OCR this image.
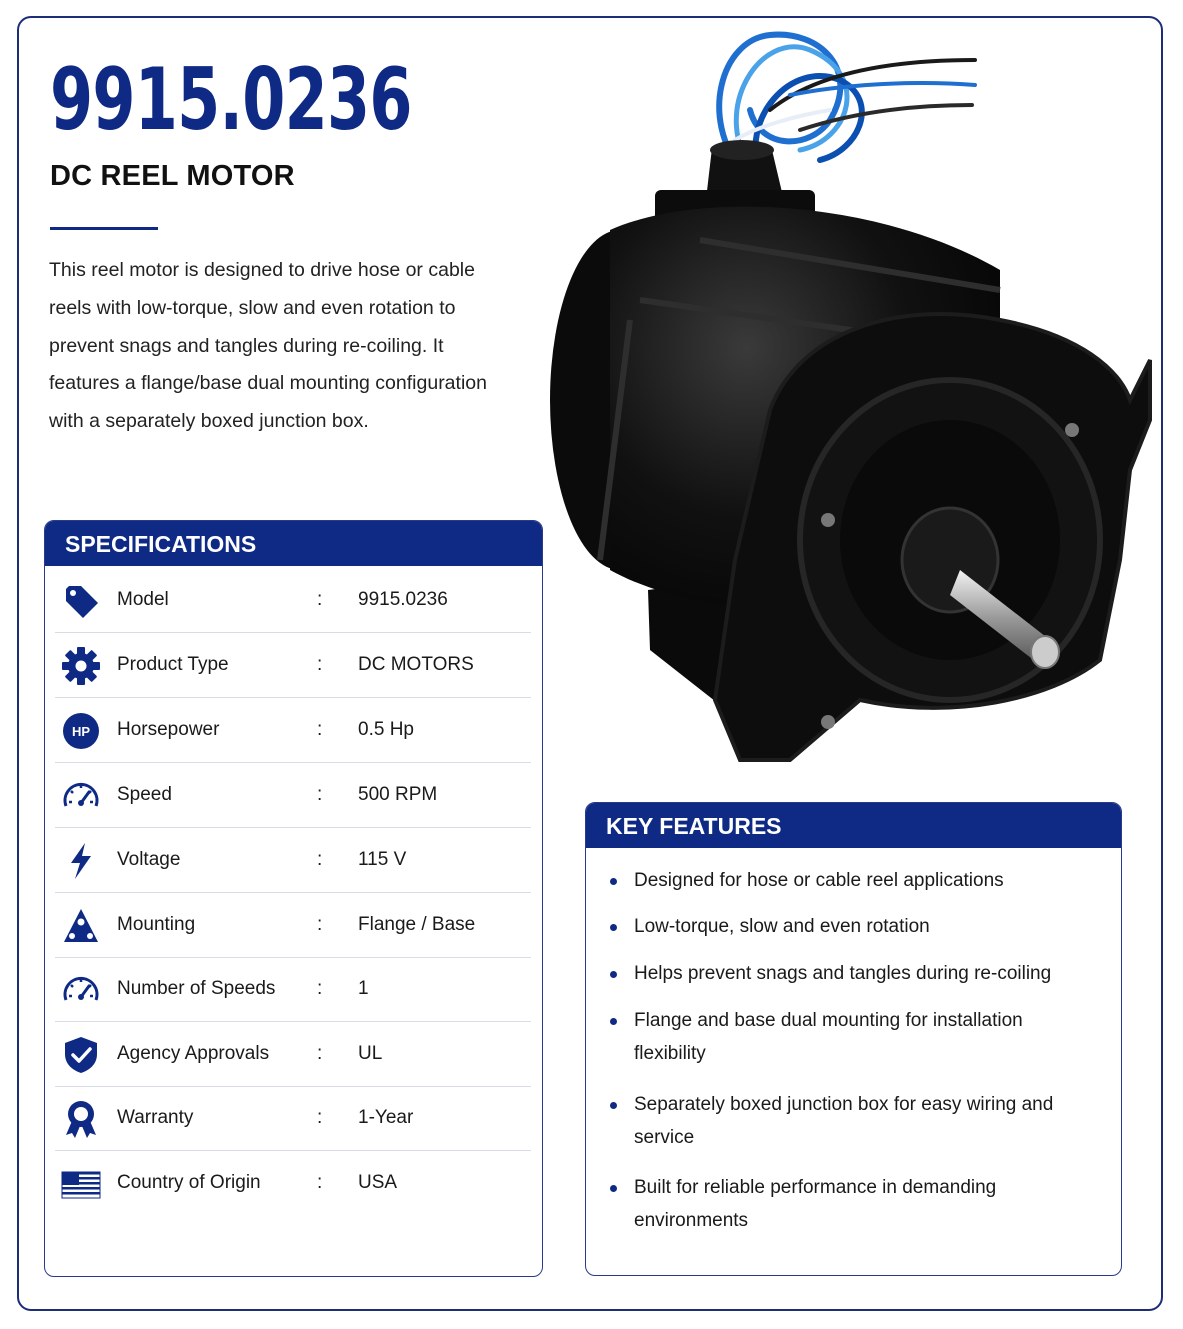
9915.0236
DC REEL MOTOR

This reel motor is designed to drive hose or cable reels with low-torque, slow and even rotation to prevent snags and tangles during re-coiling. It features a flange/base dual mounting configuration with a separately boxed junction box.

SPECIFICATIONS
Model	: 9915.0236
Product Type	: DC MOTORS
HP Horsepower	: 0.5 Hp
Speed	: 500 RPM
Voltage	: 115 V
Mounting	: Flange / Base
Number of Speeds : 1
Agency Approvals	: UL
Warranty	: 1-Year
Country of Origin	: USA
KEY FEATURES
Designed for hose or cable reel applications
Low-torque, slow and even rotation
Helps prevent snags and tangles during re-coiling
Flange and base dual mounting for installation flexibility
Separately boxed junction box for easy wiring and service
Built for reliable performance in demanding environments
